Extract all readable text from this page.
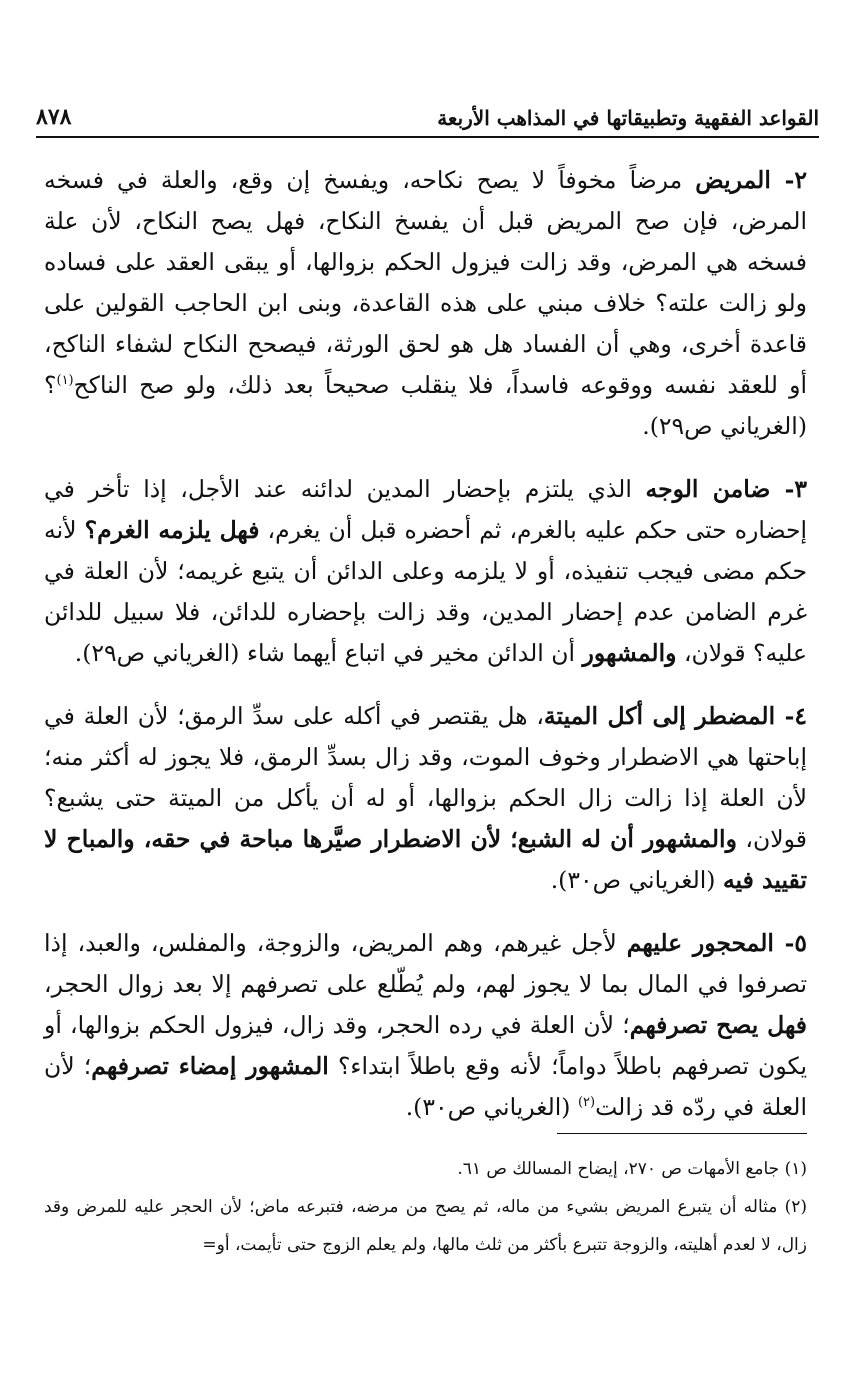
القواعد الفقهية وتطبيقاتها في المذاهب الأربعة
٨٧٨

٢- المريض مرضاً مخوفاً لا يصح نكاحه، ويفسخ إن وقع، والعلة في فسخه المرض، فإن صح المريض قبل أن يفسخ النكاح، فهل يصح النكاح، لأن علة فسخه هي المرض، وقد زالت فيزول الحكم بزوالها، أو يبقى العقد على فساده ولو زالت علته؟ خلاف مبني على هذه القاعدة، وبنى ابن الحاجب القولين على قاعدة أخرى، وهي أن الفساد هل هو لحق الورثة، فيصحح النكاح لشفاء الناكح، أو للعقد نفسه ووقوعه فاسداً، فلا ينقلب صحيحاً بعد ذلك، ولو صح الناكح$^{(١)}$؟ (الغرياني ص٢٩).

٣- ضامن الوجه الذي يلتزم بإحضار المدين لدائنه عند الأجل، إذا تأخر في إحضاره حتى حكم عليه بالغرم، ثم أحضره قبل أن يغرم، فهل يلزمه الغرم؟ لأنه حكم مضى فيجب تنفيذه، أو لا يلزمه وعلى الدائن أن يتبع غريمه؛ لأن العلة في غرم الضامن عدم إحضار المدين، وقد زالت بإحضاره للدائن، فلا سبيل للدائن عليه؟ قولان، والمشهور أن الدائن مخير في اتباع أيهما شاء (الغرياني ص٢٩).

٤- المضطر إلى أكل الميتة، هل يقتصر في أكله على سدِّ الرمق؛ لأن العلة في إباحتها هي الاضطرار وخوف الموت، وقد زال بسدِّ الرمق، فلا يجوز له أكثر منه؛ لأن العلة إذا زالت زال الحكم بزوالها، أو له أن يأكل من الميتة حتى يشبع؟ قولان، والمشهور أن له الشبع؛ لأن الاضطرار صيَّرها مباحة في حقه، والمباح لا تقييد فيه (الغرياني ص٣٠).

٥- المحجور عليهم لأجل غيرهم، وهم المريض، والزوجة، والمفلس، والعبد، إذا تصرفوا في المال بما لا يجوز لهم، ولم يُطّلع على تصرفهم إلا بعد زوال الحجر، فهل يصح تصرفهم؛ لأن العلة في رده الحجر، وقد زال، فيزول الحكم بزوالها، أو يكون تصرفهم باطلاً دواماً؛ لأنه وقع باطلاً ابتداء؟ المشهور إمضاء تصرفهم؛ لأن العلة في ردّه قد زالت$^{(٢)}$ (الغرياني ص٣٠).

(١) جامع الأمهات ص ٢٧٠، إيضاح المسالك ص ٦١.

(٢) مثاله أن يتبرع المريض بشيء من ماله، ثم يصح من مرضه، فتبرعه ماض؛ لأن الحجر عليه للمرض وقد زال، لا لعدم أهليته، والزوجة تتبرع بأكثر من ثلث مالها، ولم يعلم الزوج حتى تأيمت، أو=
